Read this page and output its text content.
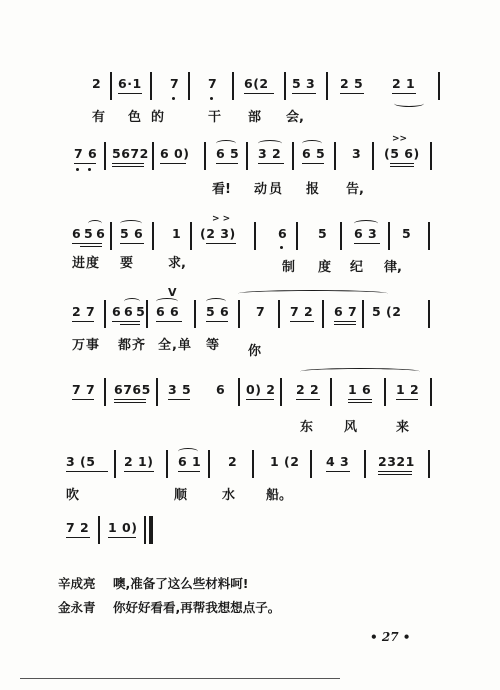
2 6·1 7 7 6(2 5 3 2 5 2 1
有 色的	干 部 会,
7 6 5672 6 0) 6 5 3 2 6 5 3
>>
(5 6)
看! 动员 报 告,
6 5 6 5 6 1
> >
(2 3)	6 5 6 3 5
进度 要	求,	制 度 纪 律,
2 7 6 6 5
V
6 6 5 6 7 7 2 6 7 5 (2
万事 都齐 全,单 等 你
7 7 6765 3 5 6 0) 2 2 2 1 6 1 2
东 风	来
3 (5 2 1) 6 1 2	1 (2 4 3 2321
吹	顺	水 船。
7 2 1 0)
辛成亮 噢,准备了这么些材料呵!
金永青 你好好看看,再帮我想想点子。
• 27 •
